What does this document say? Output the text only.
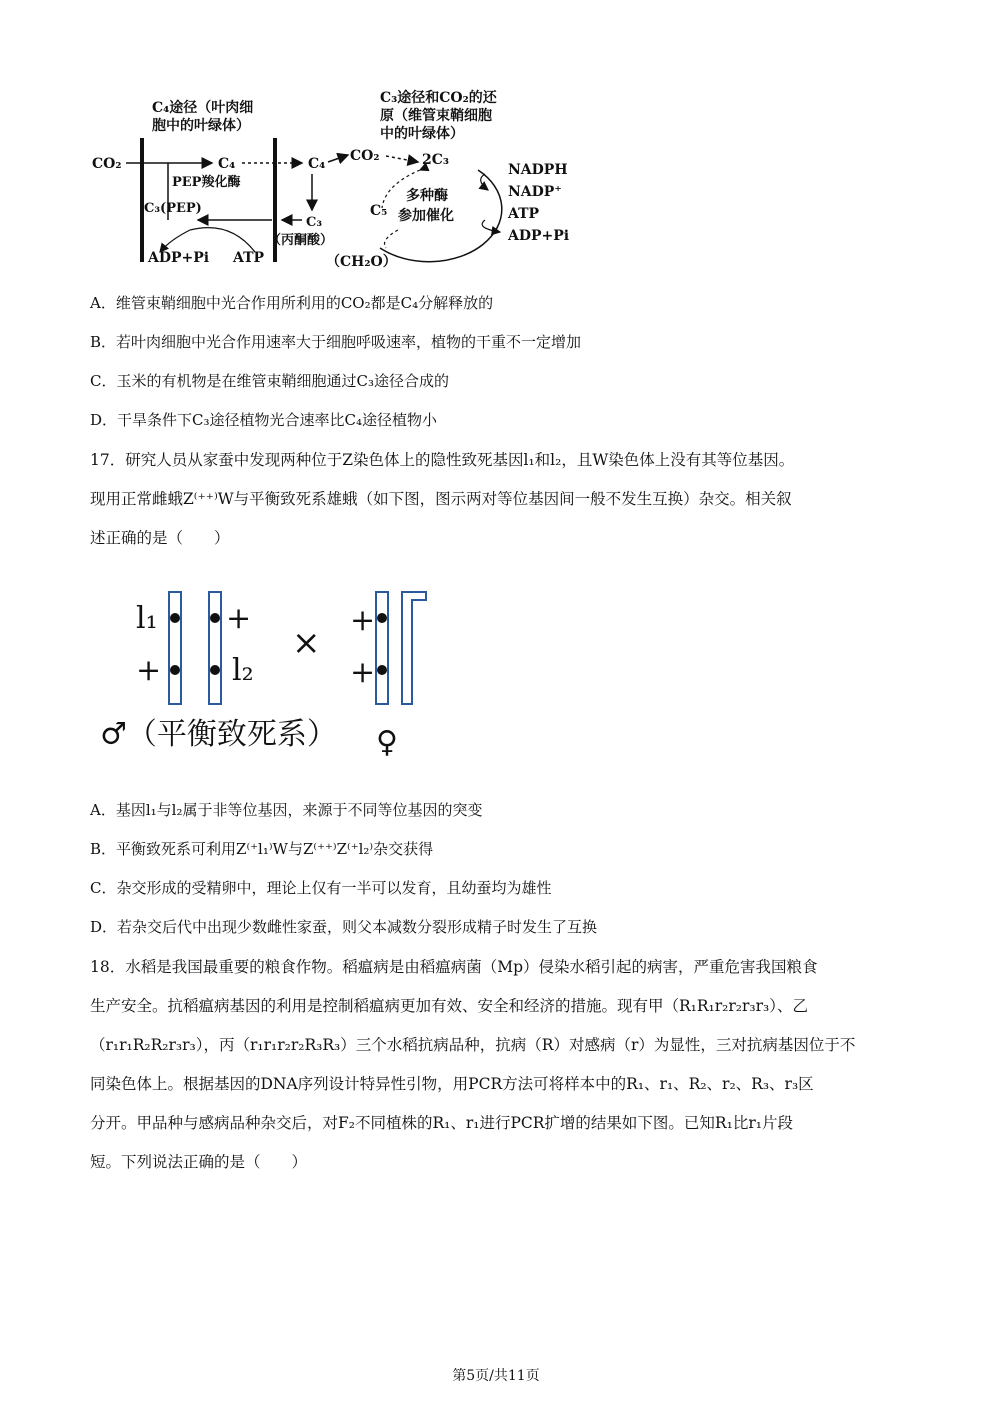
C₄途径（叶肉细
胞中的叶绿体）
C₃途径和CO₂的还
原（维管束鞘细胞
中的叶绿体）
CO₂	C₄
PEP羧化酶
C₃(PEP)
ADP+Pi ATP
C₄
C₃
（丙酮酸）
CO₂	2C₃
C₅
多种酶
参加催化
（CH₂O）
NADPH
NADP⁺
ATP
ADP+Pi
A．维管束鞘细胞中光合作用所利用的CO₂都是C₄分解释放的
B．若叶肉细胞中光合作用速率大于细胞呼吸速率，植物的干重不一定增加
C．玉米的有机物是在维管束鞘细胞通过C₃途径合成的
D．干旱条件下C₃途径植物光合速率比C₄途径植物小
17．研究人员从家蚕中发现两种位于Z染色体上的隐性致死基因l₁和l₂，且W染色体上没有其等位基因。
现用正常雌蛾Z⁽⁺⁺⁾W与平衡致死系雄蛾（如下图，图示两对等位基因间一般不发生互换）杂交。相关叙
述正确的是（　　）
l₁
+
+
l₂
×
+
+
♂（平衡致死系） ♀
A．基因l₁与l₂属于非等位基因，来源于不同等位基因的突变
B．平衡致死系可利用Z⁽⁺l₁⁾W与Z⁽⁺⁺⁾Z⁽⁺l₂⁾杂交获得
C．杂交形成的受精卵中，理论上仅有一半可以发育，且幼蚕均为雄性
D．若杂交后代中出现少数雌性家蚕，则父本减数分裂形成精子时发生了互换
18．水稻是我国最重要的粮食作物。稻瘟病是由稻瘟病菌（Mp）侵染水稻引起的病害，严重危害我国粮食
生产安全。抗稻瘟病基因的利用是控制稻瘟病更加有效、安全和经济的措施。现有甲（R₁R₁r₂r₂r₃r₃）、乙
（r₁r₁R₂R₂r₃r₃），丙（r₁r₁r₂r₂R₃R₃）三个水稻抗病品种，抗病（R）对感病（r）为显性，三对抗病基因位于不
同染色体上。根据基因的DNA序列设计特异性引物，用PCR方法可将样本中的R₁、r₁、R₂、r₂、R₃、r₃区
分开。甲品种与感病品种杂交后，对F₂不同植株的R₁、r₁进行PCR扩增的结果如下图。已知R₁比r₁片段
短。下列说法正确的是（　　）
第5页/共11页
